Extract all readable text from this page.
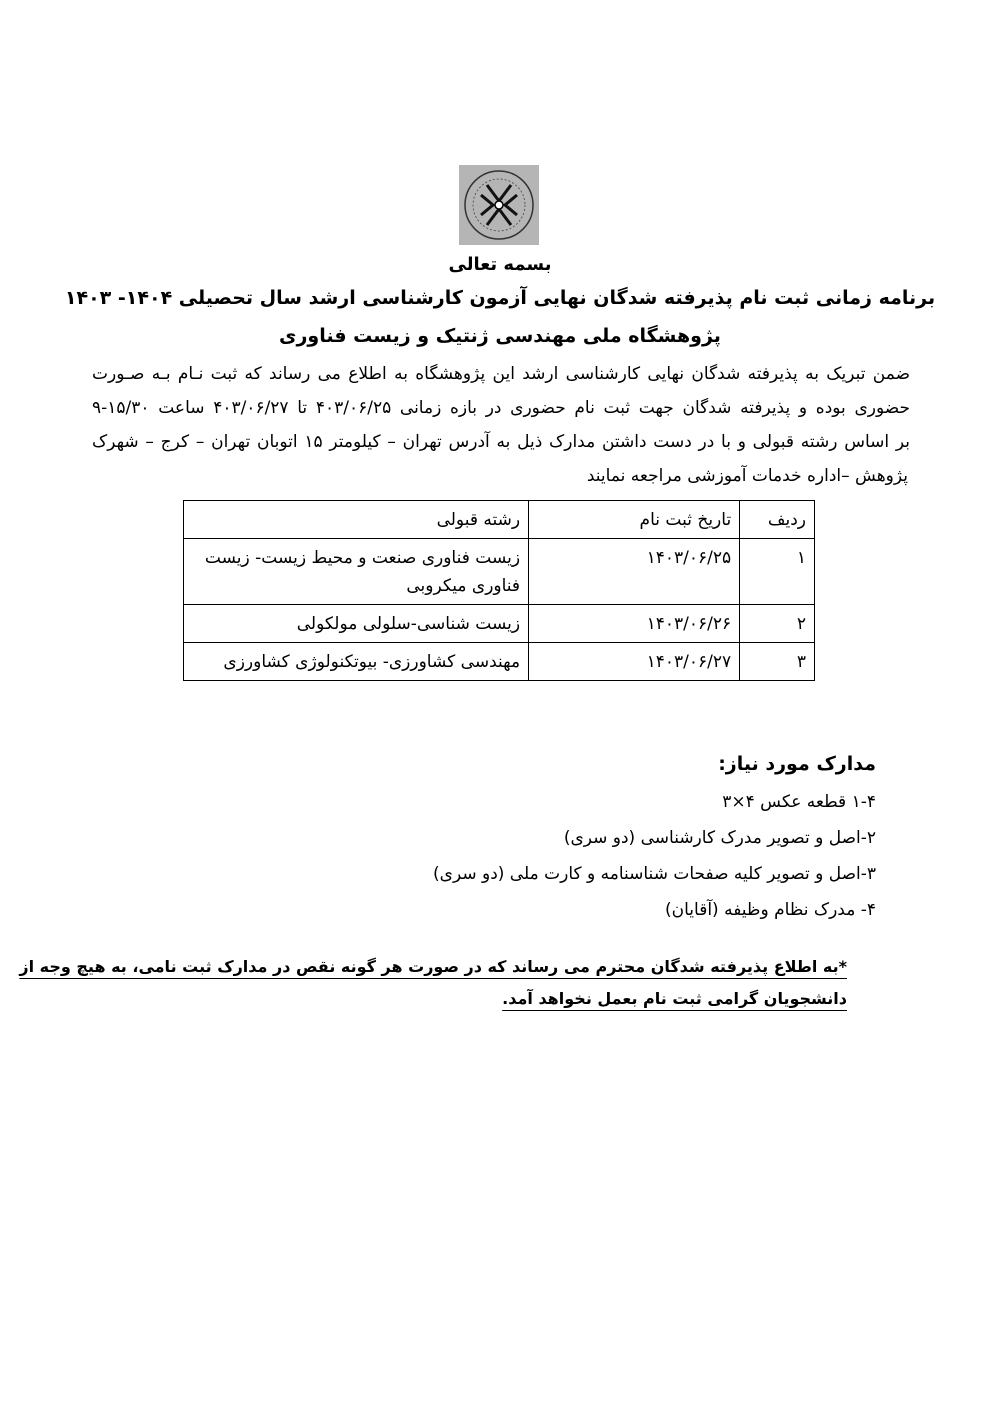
بسمه تعالی
برنامه زمانی ثبت نام پذیرفته شدگان نهایی آزمون کارشناسی ارشد سال تحصیلی ۱۴۰۴- ۱۴۰۳
پژوهشگاه ملی مهندسی ژنتیک و زیست فناوری
ضمن تبریک به پذیرفته شدگان نهایی کارشناسی ارشد این پژوهشگاه به اطلاع می رساند که ثبت نـام بـه صـورت
حضوری بوده و پذیرفته شدگان جهت ثبت نام حضوری در بازه زمانی ۴۰۳/۰۶/۲۵ تا ۴۰۳/۰۶/۲۷ ساعت ۱۵/۳۰-۹
بر اساس رشته قبولی و با در دست داشتن مدارک ذیل به آدرس تهران – کیلومتر ۱۵ اتوبان تهران – کرج – شهرک
پژوهش –اداره خدمات آموزشی مراجعه نمایند
ردیف	تاریخ ثبت نام	رشته قبولی
۱	۱۴۰۳/۰۶/۲۵	زیست فناوری صنعت و محیط زیست- زیست فناوری میکروبی
۲	۱۴۰۳/۰۶/۲۶	زیست شناسی-سلولی مولکولی
۳	۱۴۰۳/۰۶/۲۷	مهندسی کشاورزی- بیوتکنولوژی کشاورزی
مدارک مورد نیاز:
۱-۴ قطعه عکس ۴×۳
۲-اصل و تصویر مدرک کارشناسی (دو سری)
۳-اصل و تصویر کلیه صفحات شناسنامه و کارت ملی (دو سری)
۴- مدرک نظام وظیفه (آقایان)
*به اطلاع پذیرفته شدگان محترم می رساند که در صورت هر گونه نقص در مدارک ثبت نامی، به هیچ وجه از
دانشجویان گرامی ثبت نام بعمل نخواهد آمد.
